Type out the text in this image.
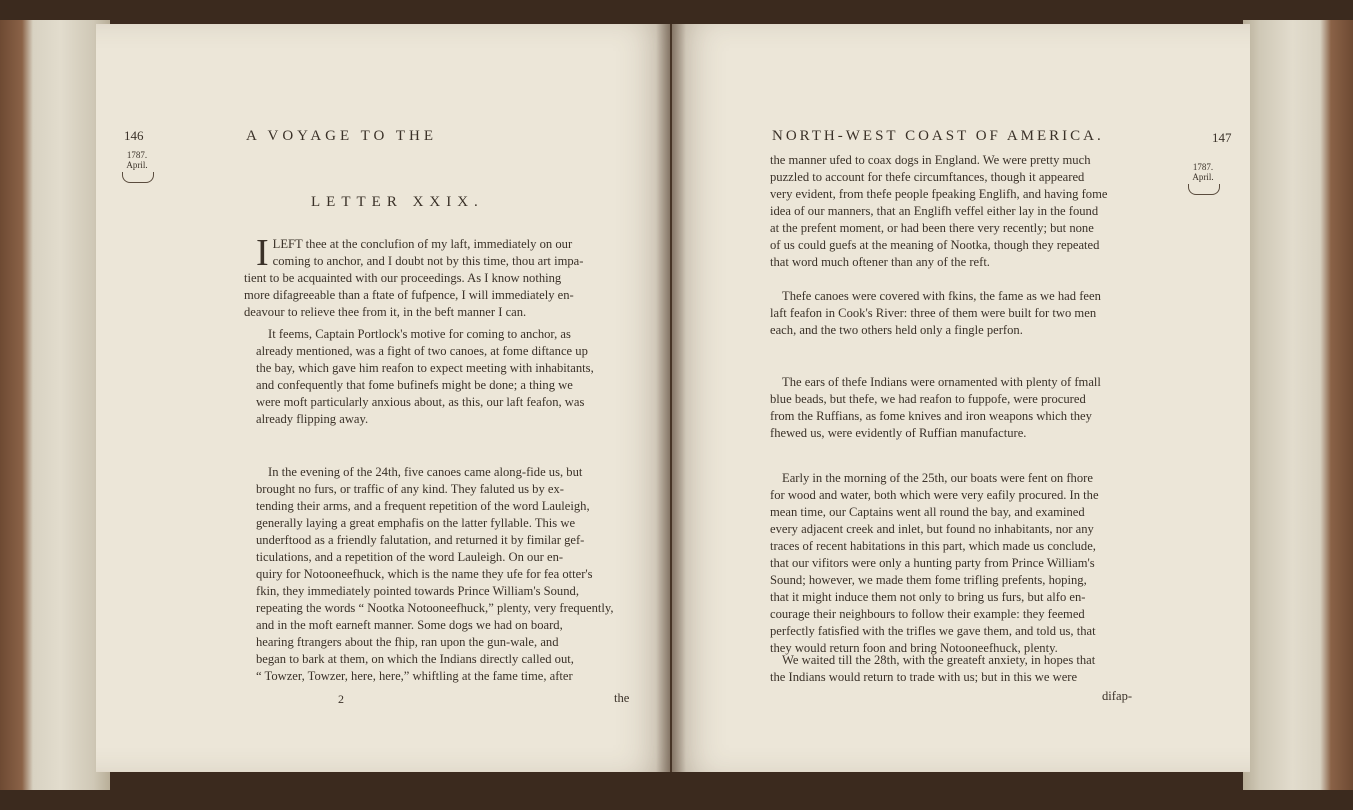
146	A VOYAGE TO THE
1787.
April.
LETTER XXIX.
I LEFT thee at the conclufion of my laft, immediately on our
coming to anchor, and I doubt not by this time, thou art impa-
tient to be acquainted with our proceedings. As I know nothing
more difagreeable than a ftate of fufpence, I will immediately en-
deavour to relieve thee from it, in the beft manner I can.
It feems, Captain Portlock's motive for coming to anchor, as
already mentioned, was a fight of two canoes, at fome diftance up
the bay, which gave him reafon to expect meeting with inhabitants,
and confequently that fome bufinefs might be done; a thing we
were moft particularly anxious about, as this, our laft feafon, was
already flipping away.
In the evening of the 24th, five canoes came along-fide us, but
brought no furs, or traffic of any kind. They faluted us by ex-
tending their arms, and a frequent repetition of the word Lauleigh,
generally laying a great emphafis on the latter fyllable. This we
underftood as a friendly falutation, and returned it by fimilar gef-
ticulations, and a repetition of the word Lauleigh. On our en-
quiry for Notooneefhuck, which is the name they ufe for fea otter's
fkin, they immediately pointed towards Prince William's Sound,
repeating the words “ Nootka Notooneefhuck,” plenty, very frequently,
and in the moft earneft manner. Some dogs we had on board,
hearing ftrangers about the fhip, ran upon the gun-wale, and
began to bark at them, on which the Indians directly called out,
“ Towzer, Towzer, here, here,” whiftling at the fame time, after
2	the
NORTH-WEST COAST OF AMERICA.	147
1787.
April.
the manner ufed to coax dogs in England. We were pretty much
puzzled to account for thefe circumftances, though it appeared
very evident, from thefe people fpeaking Englifh, and having fome
idea of our manners, that an Englifh veffel either lay in the found
at the prefent moment, or had been there very recently; but none
of us could guefs at the meaning of Nootka, though they repeated
that word much oftener than any of the reft.
Thefe canoes were covered with fkins, the fame as we had feen
laft feafon in Cook's River: three of them were built for two men
each, and the two others held only a fingle perfon.
The ears of thefe Indians were ornamented with plenty of fmall
blue beads, but thefe, we had reafon to fuppofe, were procured
from the Ruffians, as fome knives and iron weapons which they
fhewed us, were evidently of Ruffian manufacture.
Early in the morning of the 25th, our boats were fent on fhore
for wood and water, both which were very eafily procured. In the
mean time, our Captains went all round the bay, and examined
every adjacent creek and inlet, but found no inhabitants, nor any
traces of recent habitations in this part, which made us conclude,
that our vifitors were only a hunting party from Prince William's
Sound; however, we made them fome trifling prefents, hoping,
that it might induce them not only to bring us furs, but alfo en-
courage their neighbours to follow their example: they feemed
perfectly fatisfied with the trifles we gave them, and told us, that
they would return foon and bring Notooneefhuck, plenty.
We waited till the 28th, with the greateft anxiety, in hopes that
the Indians would return to trade with us; but in this we were
difap-
